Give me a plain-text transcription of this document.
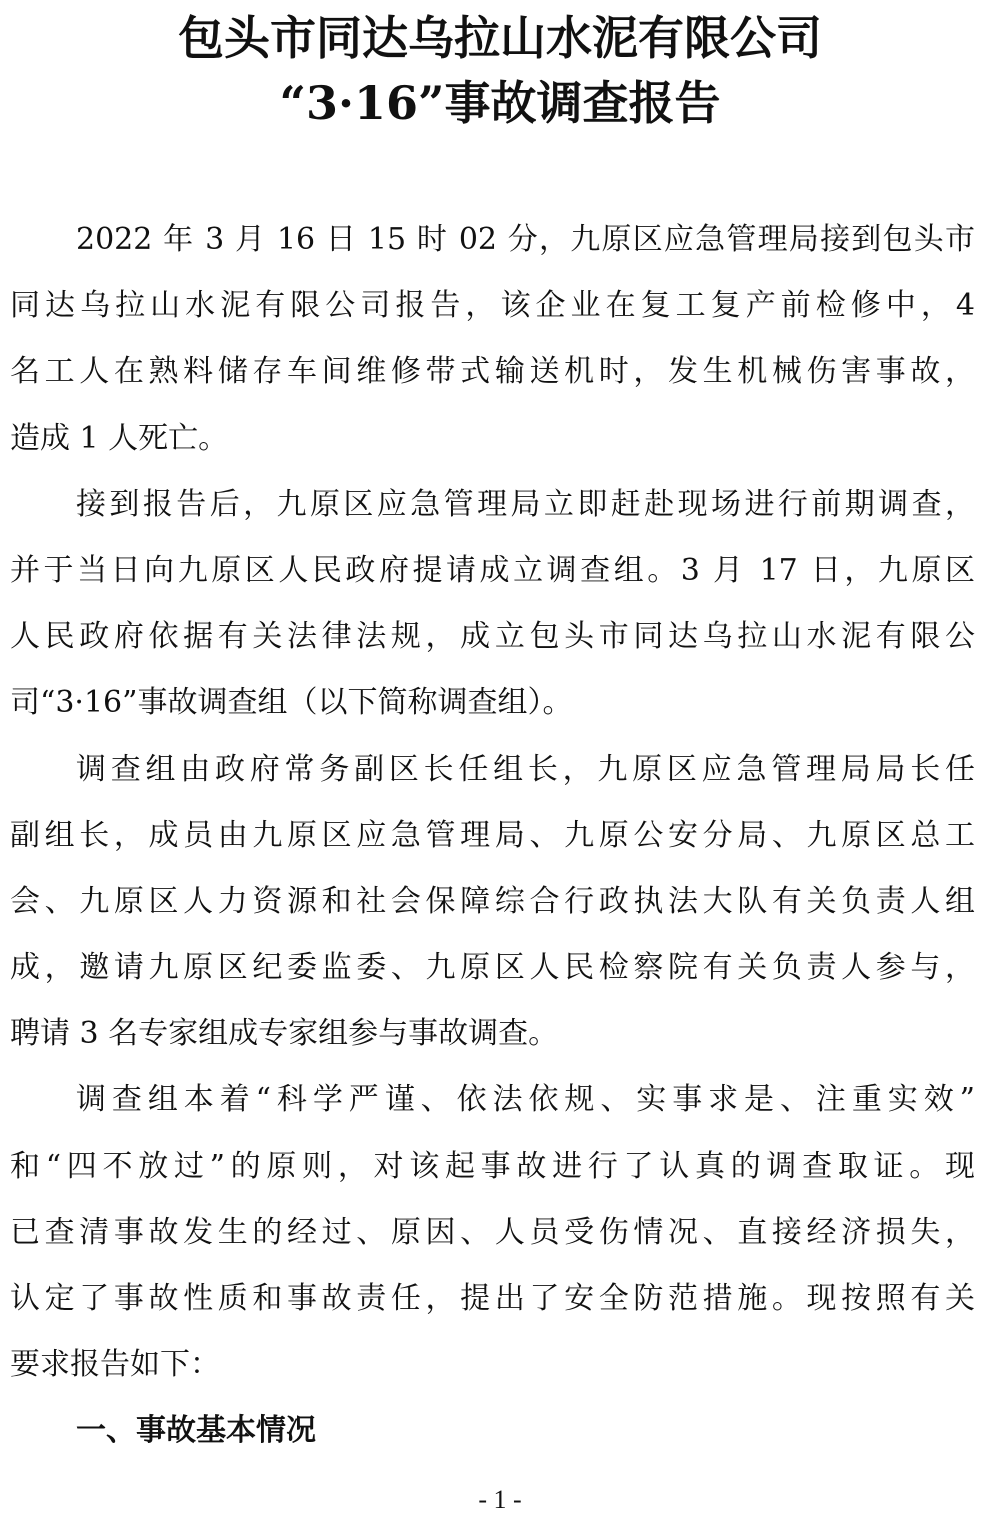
包头市同达乌拉山水泥有限公司
“3·16”事故调查报告
2022 年 3 月 16 日 15 时 02 分，九原区应急管理局接到包头市
同达乌拉山水泥有限公司报告，该企业在复工复产前检修中，4
名工人在熟料储存车间维修带式输送机时，发生机械伤害事故，
造成 1 人死亡。
接到报告后，九原区应急管理局立即赶赴现场进行前期调查，
并于当日向九原区人民政府提请成立调查组。3 月 17 日，九原区
人民政府依据有关法律法规，成立包头市同达乌拉山水泥有限公
司“3·16”事故调查组（以下简称调查组）。
调查组由政府常务副区长任组长，九原区应急管理局局长任
副组长，成员由九原区应急管理局、九原公安分局、九原区总工
会、九原区人力资源和社会保障综合行政执法大队有关负责人组
成，邀请九原区纪委监委、九原区人民检察院有关负责人参与，
聘请 3 名专家组成专家组参与事故调查。
调查组本着“科学严谨、依法依规、实事求是、注重实效”
和“四不放过”的原则，对该起事故进行了认真的调查取证。现
已查清事故发生的经过、原因、人员受伤情况、直接经济损失，
认定了事故性质和事故责任，提出了安全防范措施。现按照有关
要求报告如下：
一、事故基本情况
- 1 -
